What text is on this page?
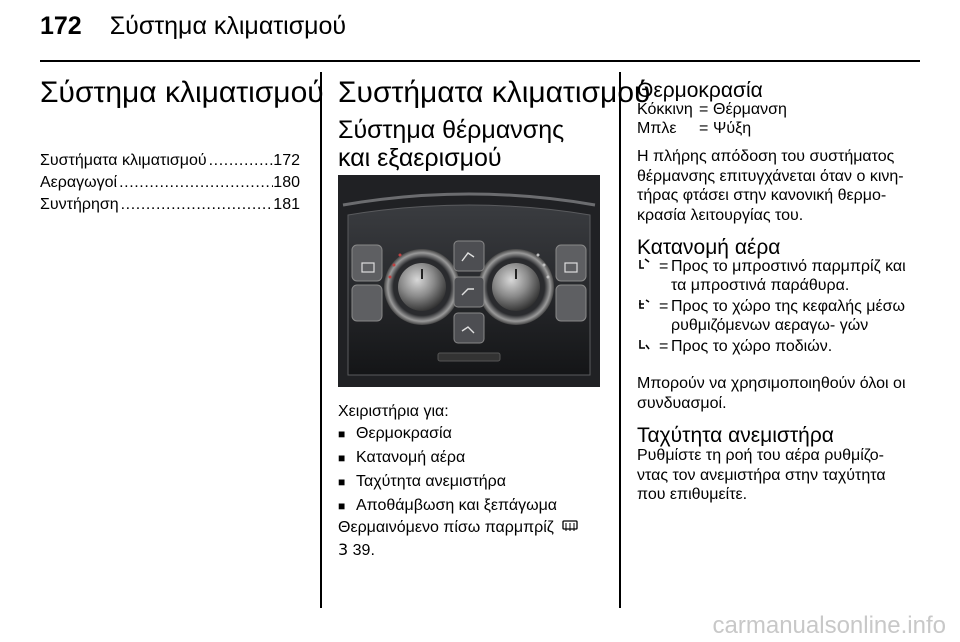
172 Σύστημα κλιματισμού
Σύστημα κλιματισμού
Συστήματα κλιματισμού .....	172
Αεραγωγοί .....	180
Συντήρηση .....	181
Συστήματα κλιματισμού
Σύστημα θέρμανσης και εξαερισμού
Χειριστήρια για:
■ Θερμοκρασία
■ Κατανομή αέρα
■ Ταχύτητα ανεμιστήρα
■ Αποθάμβωση και ξεπάγωμα
Θερμαινόμενο πίσω παρμπρίζ
3 39.
Θερμοκρασία
Κόκκινη	=	Θέρμανση
Μπλε	=	Ψύξη
Η πλήρης απόδοση του συστήματος θέρμανσης επιτυγχάνεται όταν ο κινη- τήρας φτάσει στην κανονική θερμο- κρασία λειτουργίας του.
Κατανομή αέρα
= Προς το μπροστινό παρμπρίζ και τα μπροστινά παράθυρα.
= Προς το χώρο της κεφαλής μέσω ρυθμιζόμενων αεραγω- γών
= Προς το χώρο ποδιών.
Μπορούν να χρησιμοποιηθούν όλοι οι συνδυασμοί.
Ταχύτητα ανεμιστήρα
Ρυθμίστε τη ροή του αέρα ρυθμίζο- ντας τον ανεμιστήρα στην ταχύτητα που επιθυμείτε.
carmanualsonline.info
